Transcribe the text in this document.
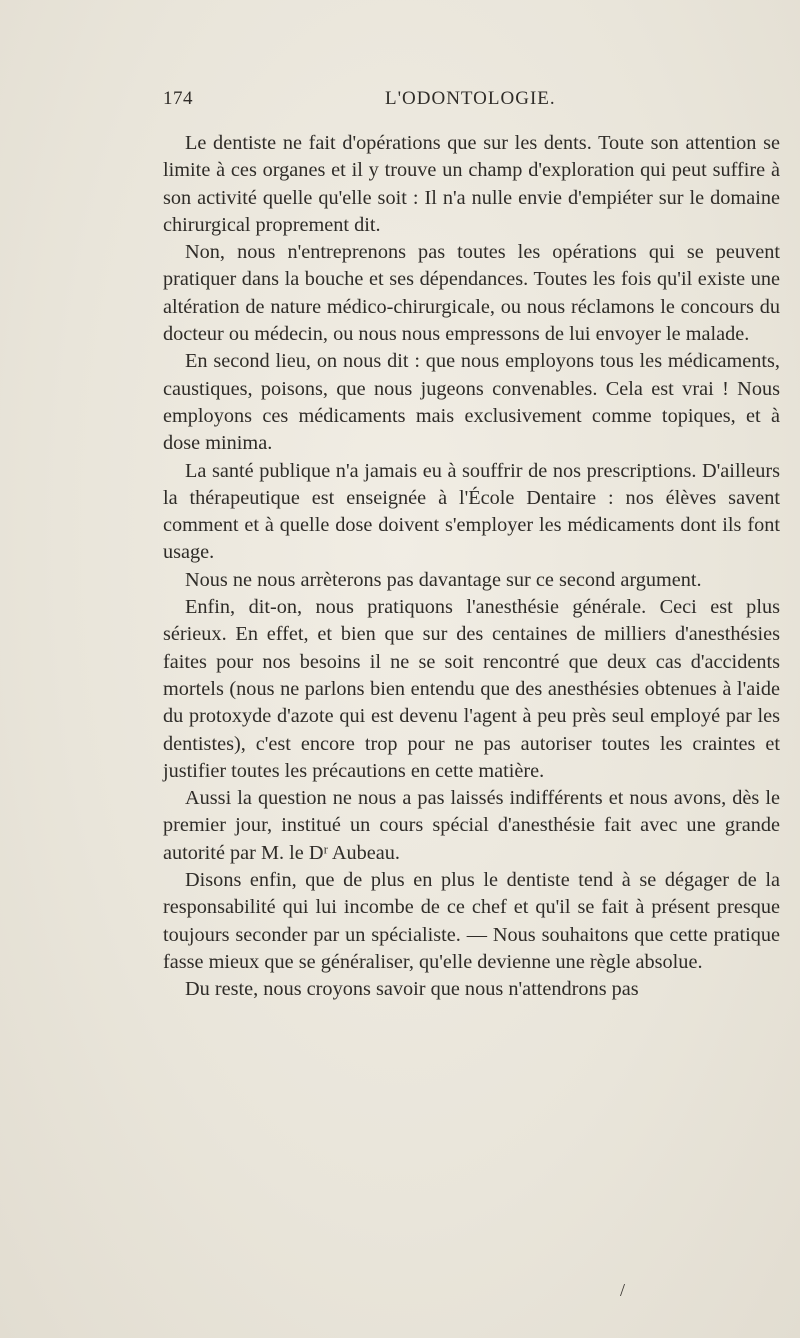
174	L'ODONTOLOGIE.

Le dentiste ne fait d'opérations que sur les dents. Toute son attention se limite à ces organes et il y trouve un champ d'exploration qui peut suffire à son activité quelle qu'elle soit : Il n'a nulle envie d'empiéter sur le domaine chirurgical proprement dit.

Non, nous n'entreprenons pas toutes les opérations qui se peuvent pratiquer dans la bouche et ses dépendances. Toutes les fois qu'il existe une altération de nature médico-chirurgicale, ou nous réclamons le concours du docteur ou médecin, ou nous nous empressons de lui envoyer le malade.

En second lieu, on nous dit : que nous employons tous les médicaments, caustiques, poisons, que nous jugeons convenables. Cela est vrai ! Nous employons ces médicaments mais exclusivement comme topiques, et à dose minima.

La santé publique n'a jamais eu à souffrir de nos prescriptions. D'ailleurs la thérapeutique est enseignée à l'École Dentaire : nos élèves savent comment et à quelle dose doivent s'employer les médicaments dont ils font usage.

Nous ne nous arrèterons pas davantage sur ce second argument.

Enfin, dit-on, nous pratiquons l'anesthésie générale. Ceci est plus sérieux. En effet, et bien que sur des centaines de milliers d'anesthésies faites pour nos besoins il ne se soit rencontré que deux cas d'accidents mortels (nous ne parlons bien entendu que des anesthésies obtenues à l'aide du protoxyde d'azote qui est devenu l'agent à peu près seul employé par les dentistes), c'est encore trop pour ne pas autoriser toutes les craintes et justifier toutes les précautions en cette matière.

Aussi la question ne nous a pas laissés indifférents et nous avons, dès le premier jour, institué un cours spécial d'anesthésie fait avec une grande autorité par M. le Dʳ Aubeau.

Disons enfin, que de plus en plus le dentiste tend à se dégager de la responsabilité qui lui incombe de ce chef et qu'il se fait à présent presque toujours seconder par un spécialiste. — Nous souhaitons que cette pratique fasse mieux que se généraliser, qu'elle devienne une règle absolue.

Du reste, nous croyons savoir que nous n'attendrons pas

/
